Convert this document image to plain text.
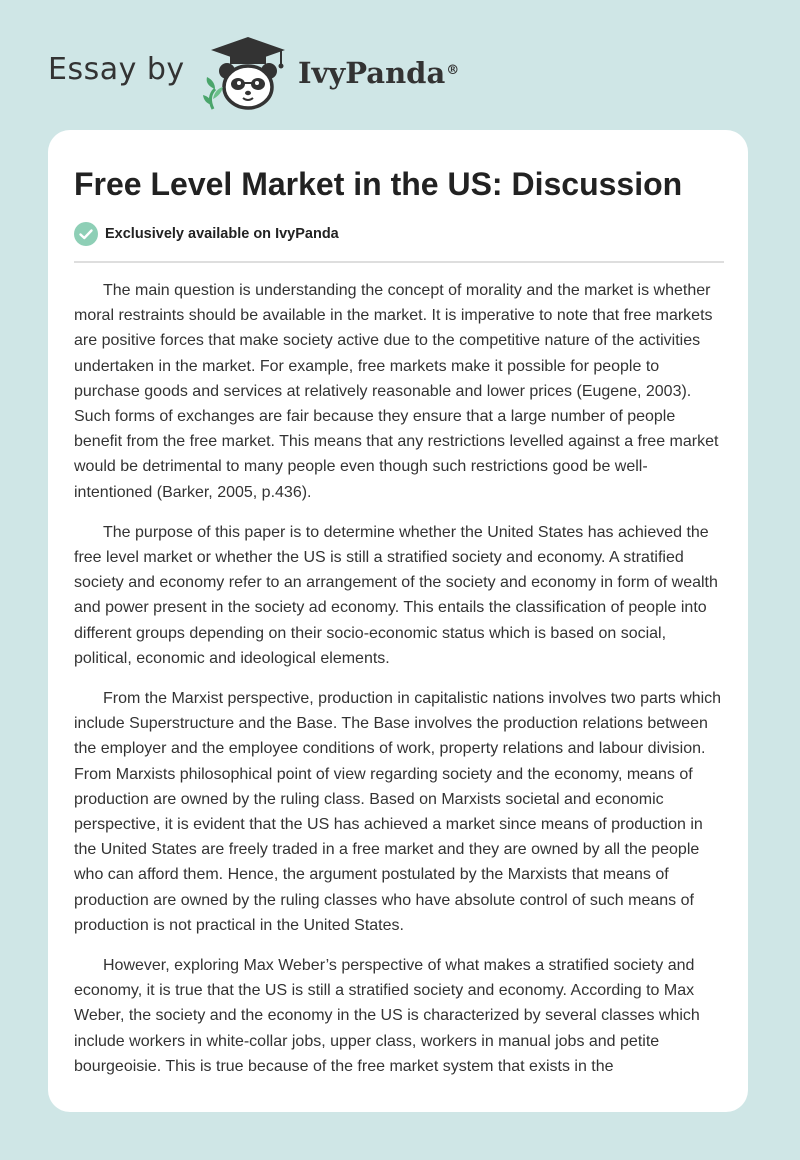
Essay by	IvyPanda®
Free Level Market in the US: Discussion
Exclusively available on IvyPanda

The main question is understanding the concept of morality and the market is whether moral restraints should be available in the market. It is imperative to note that free markets are positive forces that make society active due to the competitive nature of the activities undertaken in the market. For example, free markets make it possible for people to purchase goods and services at relatively reasonable and lower prices (Eugene, 2003). Such forms of exchanges are fair because they ensure that a large number of people benefit from the free market. This means that any restrictions levelled against a free market would be detrimental to many people even though such restrictions good be well-intentioned (Barker, 2005, p.436).

The purpose of this paper is to determine whether the United States has achieved the free level market or whether the US is still a stratified society and economy. A stratified society and economy refer to an arrangement of the society and economy in form of wealth and power present in the society ad economy. This entails the classification of people into different groups depending on their socio-economic status which is based on social, political, economic and ideological elements.

From the Marxist perspective, production in capitalistic nations involves two parts which include Superstructure and the Base. The Base involves the production relations between the employer and the employee conditions of work, property relations and labour division. From Marxists philosophical point of view regarding society and the economy, means of production are owned by the ruling class. Based on Marxists societal and economic perspective, it is evident that the US has achieved a market since means of production in the United States are freely traded in a free market and they are owned by all the people who can afford them. Hence, the argument postulated by the Marxists that means of production are owned by the ruling classes who have absolute control of such means of production is not practical in the United States.

However, exploring Max Weber’s perspective of what makes a stratified society and economy, it is true that the US is still a stratified society and economy. According to Max Weber, the society and the economy in the US is characterized by several classes which include workers in white-collar jobs, upper class, workers in manual jobs and petite bourgeoisie. This is true because of the free market system that exists in the
